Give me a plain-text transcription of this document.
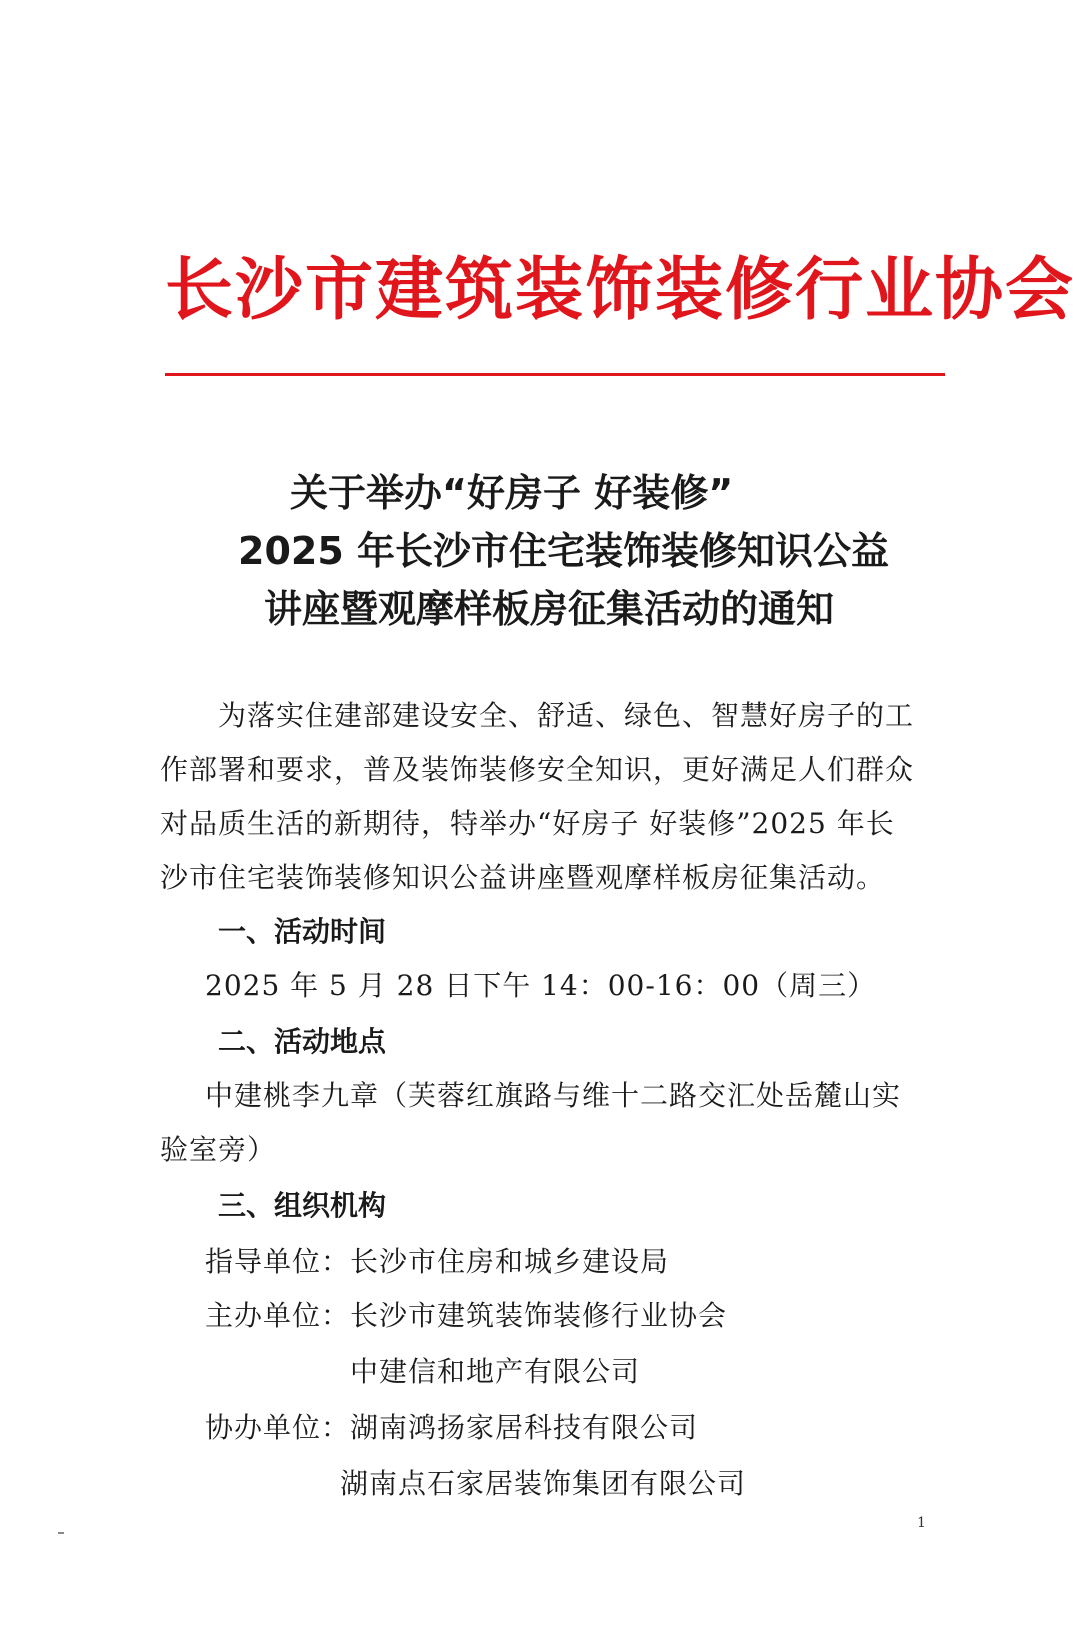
长沙市建筑装饰装修行业协会
关于举办“好房子 好装修”
2025 年长沙市住宅装饰装修知识公益
讲座暨观摩样板房征集活动的通知
为落实住建部建设安全、舒适、绿色、智慧好房子的工
作部署和要求，普及装饰装修安全知识，更好满足人们群众
对品质生活的新期待，特举办“好房子 好装修”2025 年长
沙市住宅装饰装修知识公益讲座暨观摩样板房征集活动。
一、活动时间
2025 年 5 月 28 日下午 14：00-16：00（周三）
二、活动地点
中建桃李九章（芙蓉红旗路与维十二路交汇处岳麓山实
验室旁）
三、组织机构
指导单位： 长沙市住房和城乡建设局
主办单位： 长沙市建筑装饰装修行业协会
中建信和地产有限公司
协办单位： 湖南鸿扬家居科技有限公司
湖南点石家居装饰集团有限公司
1
